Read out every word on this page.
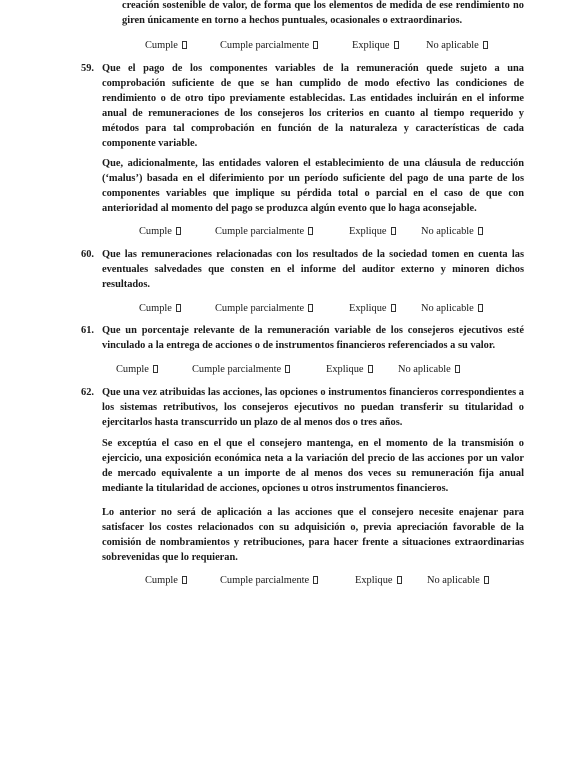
creación sostenible de valor, de forma que los elementos de medida de ese rendimiento no giren únicamente en torno a hechos puntuales, ocasionales o extraordinarios.

Cumple	Cumple parcialmente	Explique	No aplicable

59. Que el pago de los componentes variables de la remuneración quede sujeto a una comprobación suficiente de que se han cumplido de modo efectivo las condiciones de rendimiento o de otro tipo previamente establecidas. Las entidades incluirán en el informe anual de remuneraciones de los consejeros los criterios en cuanto al tiempo requerido y métodos para tal comprobación en función de la naturaleza y características de cada componente variable.

Que, adicionalmente, las entidades valoren el establecimiento de una cláusula de reducción (‘malus’) basada en el diferimiento por un período suficiente del pago de una parte de los componentes variables que implique su pérdida total o parcial en el caso de que con anterioridad al momento del pago se produzca algún evento que lo haga aconsejable.

Cumple	Cumple parcialmente	Explique	No aplicable

60. Que las remuneraciones relacionadas con los resultados de la sociedad tomen en cuenta las eventuales salvedades que consten en el informe del auditor externo y minoren dichos resultados.

Cumple	Cumple parcialmente	Explique	No aplicable

61. Que un porcentaje relevante de la remuneración variable de los consejeros ejecutivos esté vinculado a la entrega de acciones o de instrumentos financieros referenciados a su valor.

Cumple	Cumple parcialmente	Explique	No aplicable

62. Que una vez atribuidas las acciones, las opciones o instrumentos financieros correspondientes a los sistemas retributivos, los consejeros ejecutivos no puedan transferir su titularidad o ejercitarlos hasta transcurrido un plazo de al menos dos o tres años.

Se exceptúa el caso en el que el consejero mantenga, en el momento de la transmisión o ejercicio, una exposición económica neta a la variación del precio de las acciones por un valor de mercado equivalente a un importe de al menos dos veces su remuneración fija anual mediante la titularidad de acciones, opciones u otros instrumentos financieros.

Lo anterior no será de aplicación a las acciones que el consejero necesite enajenar para satisfacer los costes relacionados con su adquisición o, previa apreciación favorable de la comisión de nombramientos y retribuciones, para hacer frente a situaciones extraordinarias sobrevenidas que lo requieran.

Cumple	Cumple parcialmente	Explique	No aplicable
